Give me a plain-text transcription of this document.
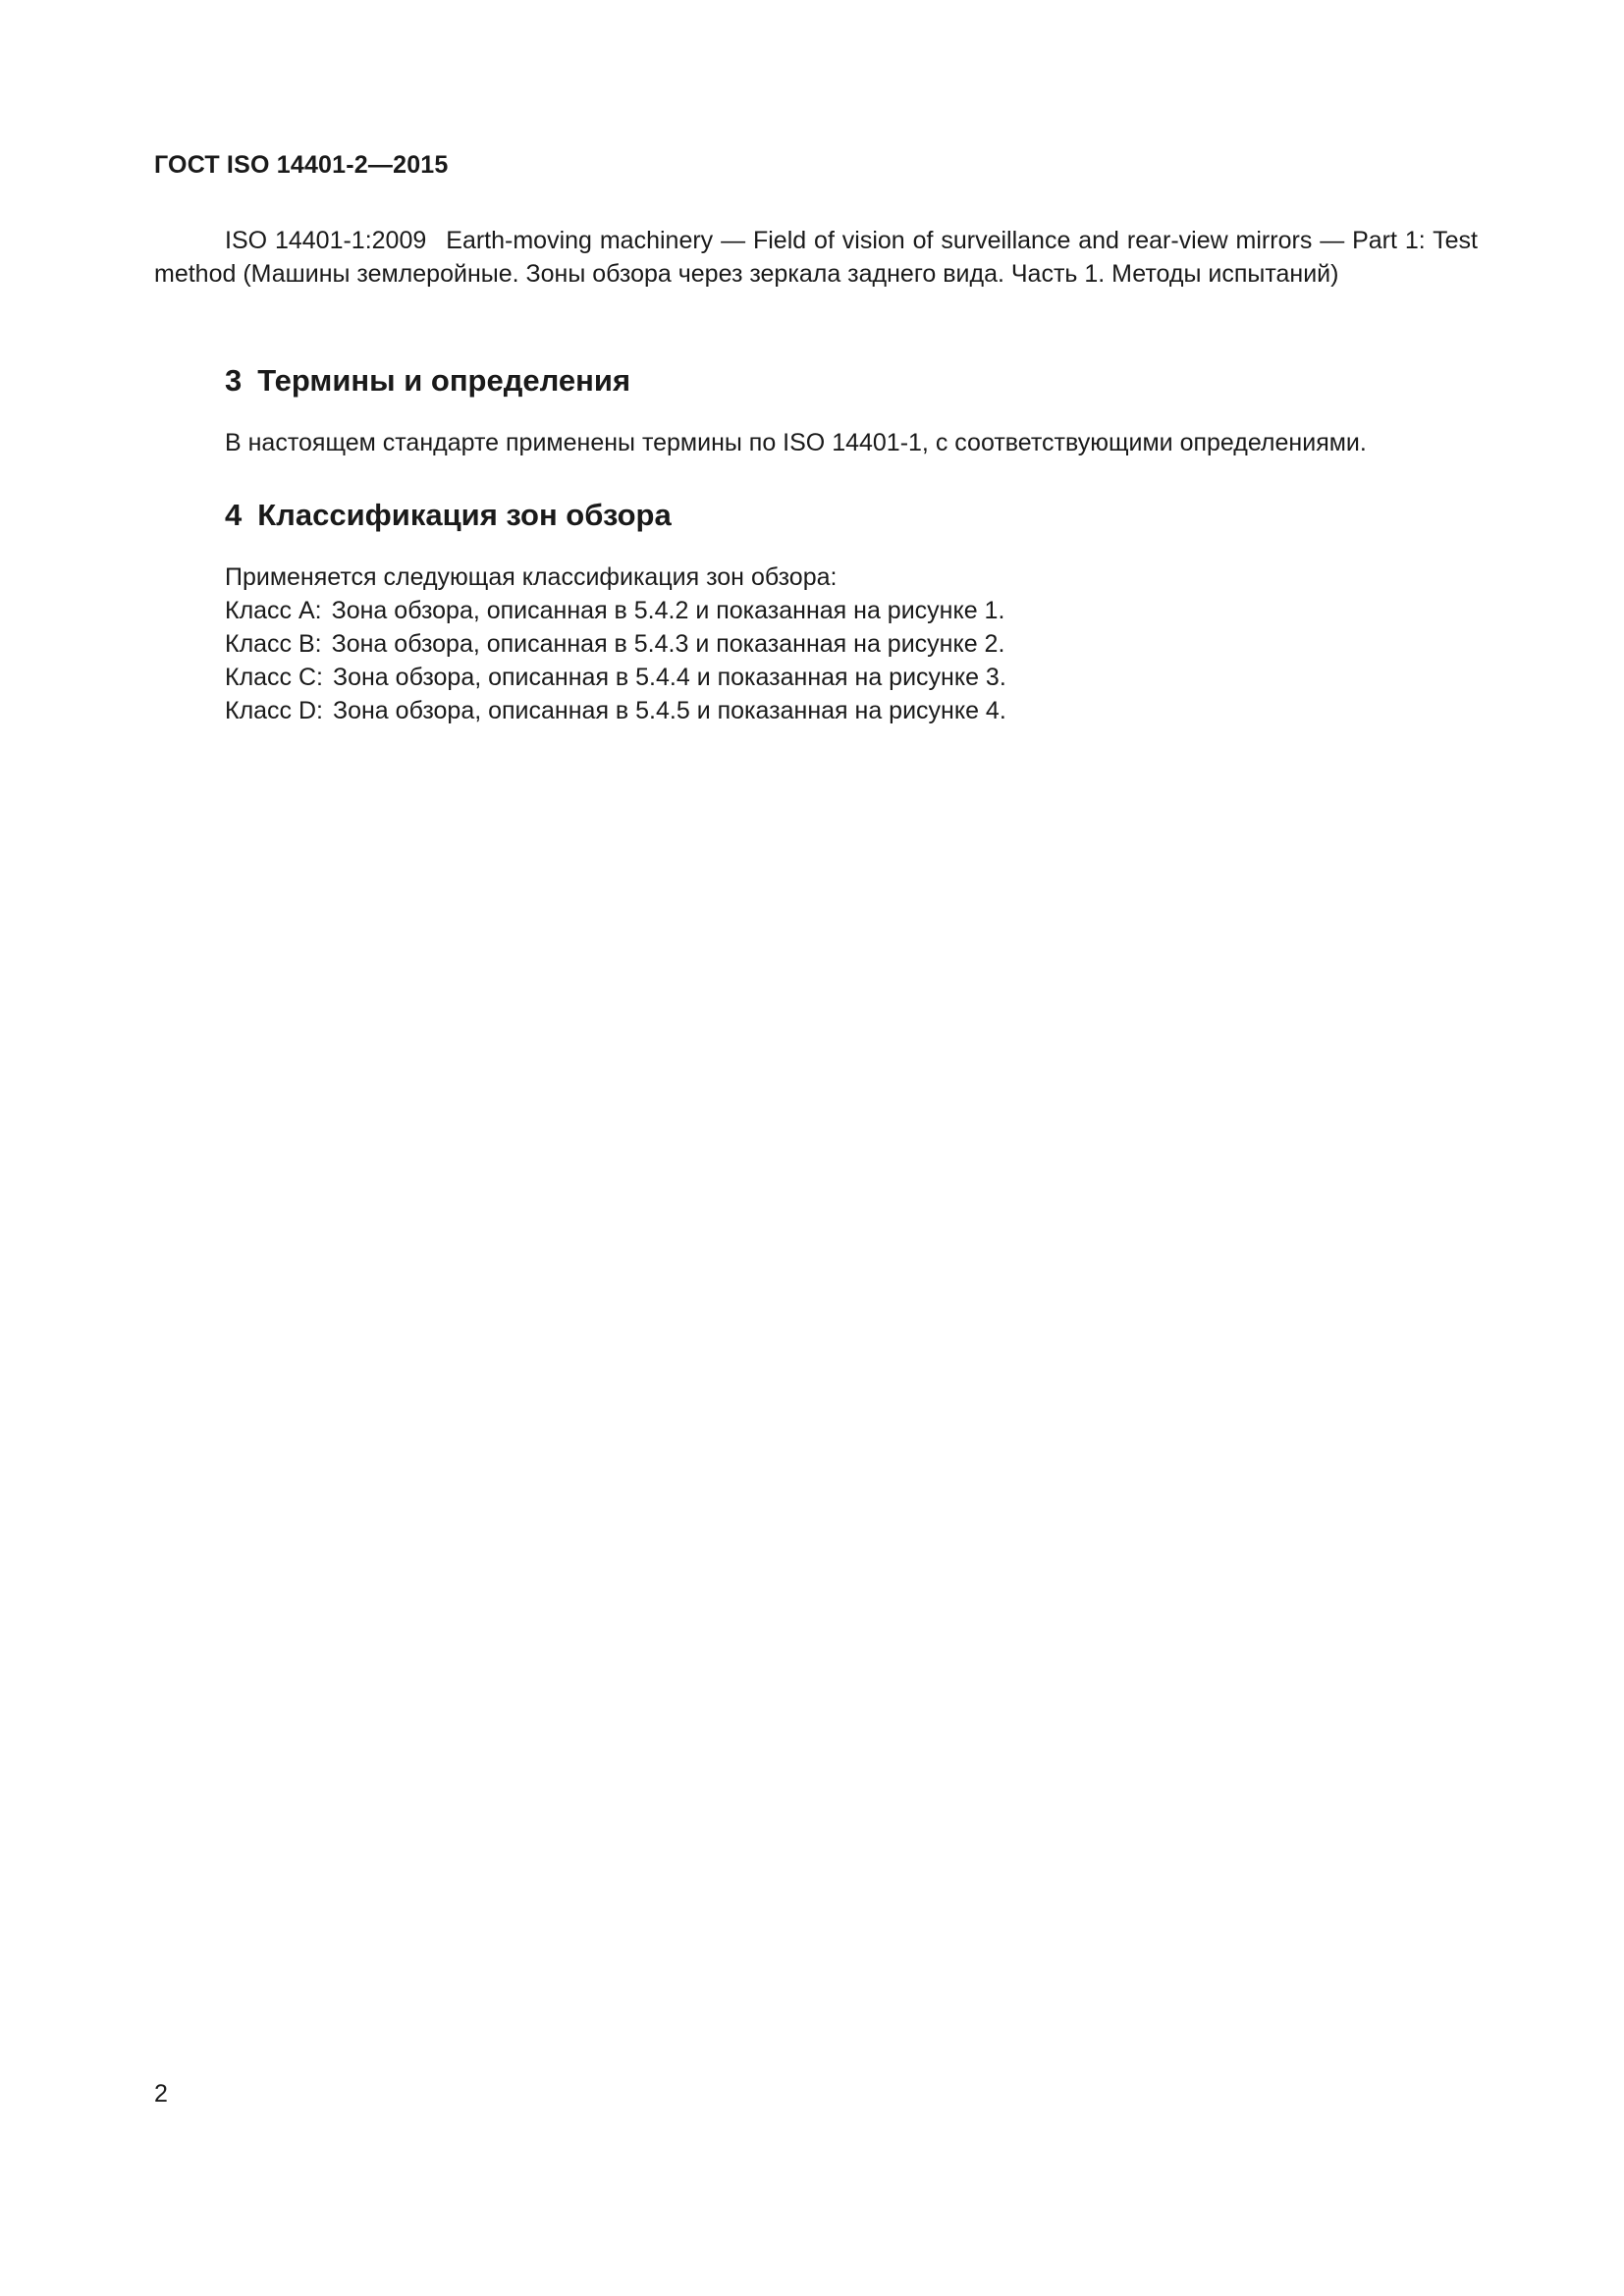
ГОСТ ISO 14401-2—2015

ISO 14401-1:2009 Earth-moving machinery — Field of vision of surveillance and rear-view mirrors — Part 1: Test method (Машины землеройные. Зоны обзора через зеркала заднего вида. Часть 1. Методы испытаний)

3 Термины и определения
В настоящем стандарте применены термины по ISO 14401-1, с соответствующими определениями.
4 Классификация зон обзора
Применяется следующая классификация зон обзора:
Класс A: Зона обзора, описанная в 5.4.2 и показанная на рисунке 1.
Класс B: Зона обзора, описанная в 5.4.3 и показанная на рисунке 2.
Класс C: Зона обзора, описанная в 5.4.4 и показанная на рисунке 3.
Класс D: Зона обзора, описанная в 5.4.5 и показанная на рисунке 4.
2
